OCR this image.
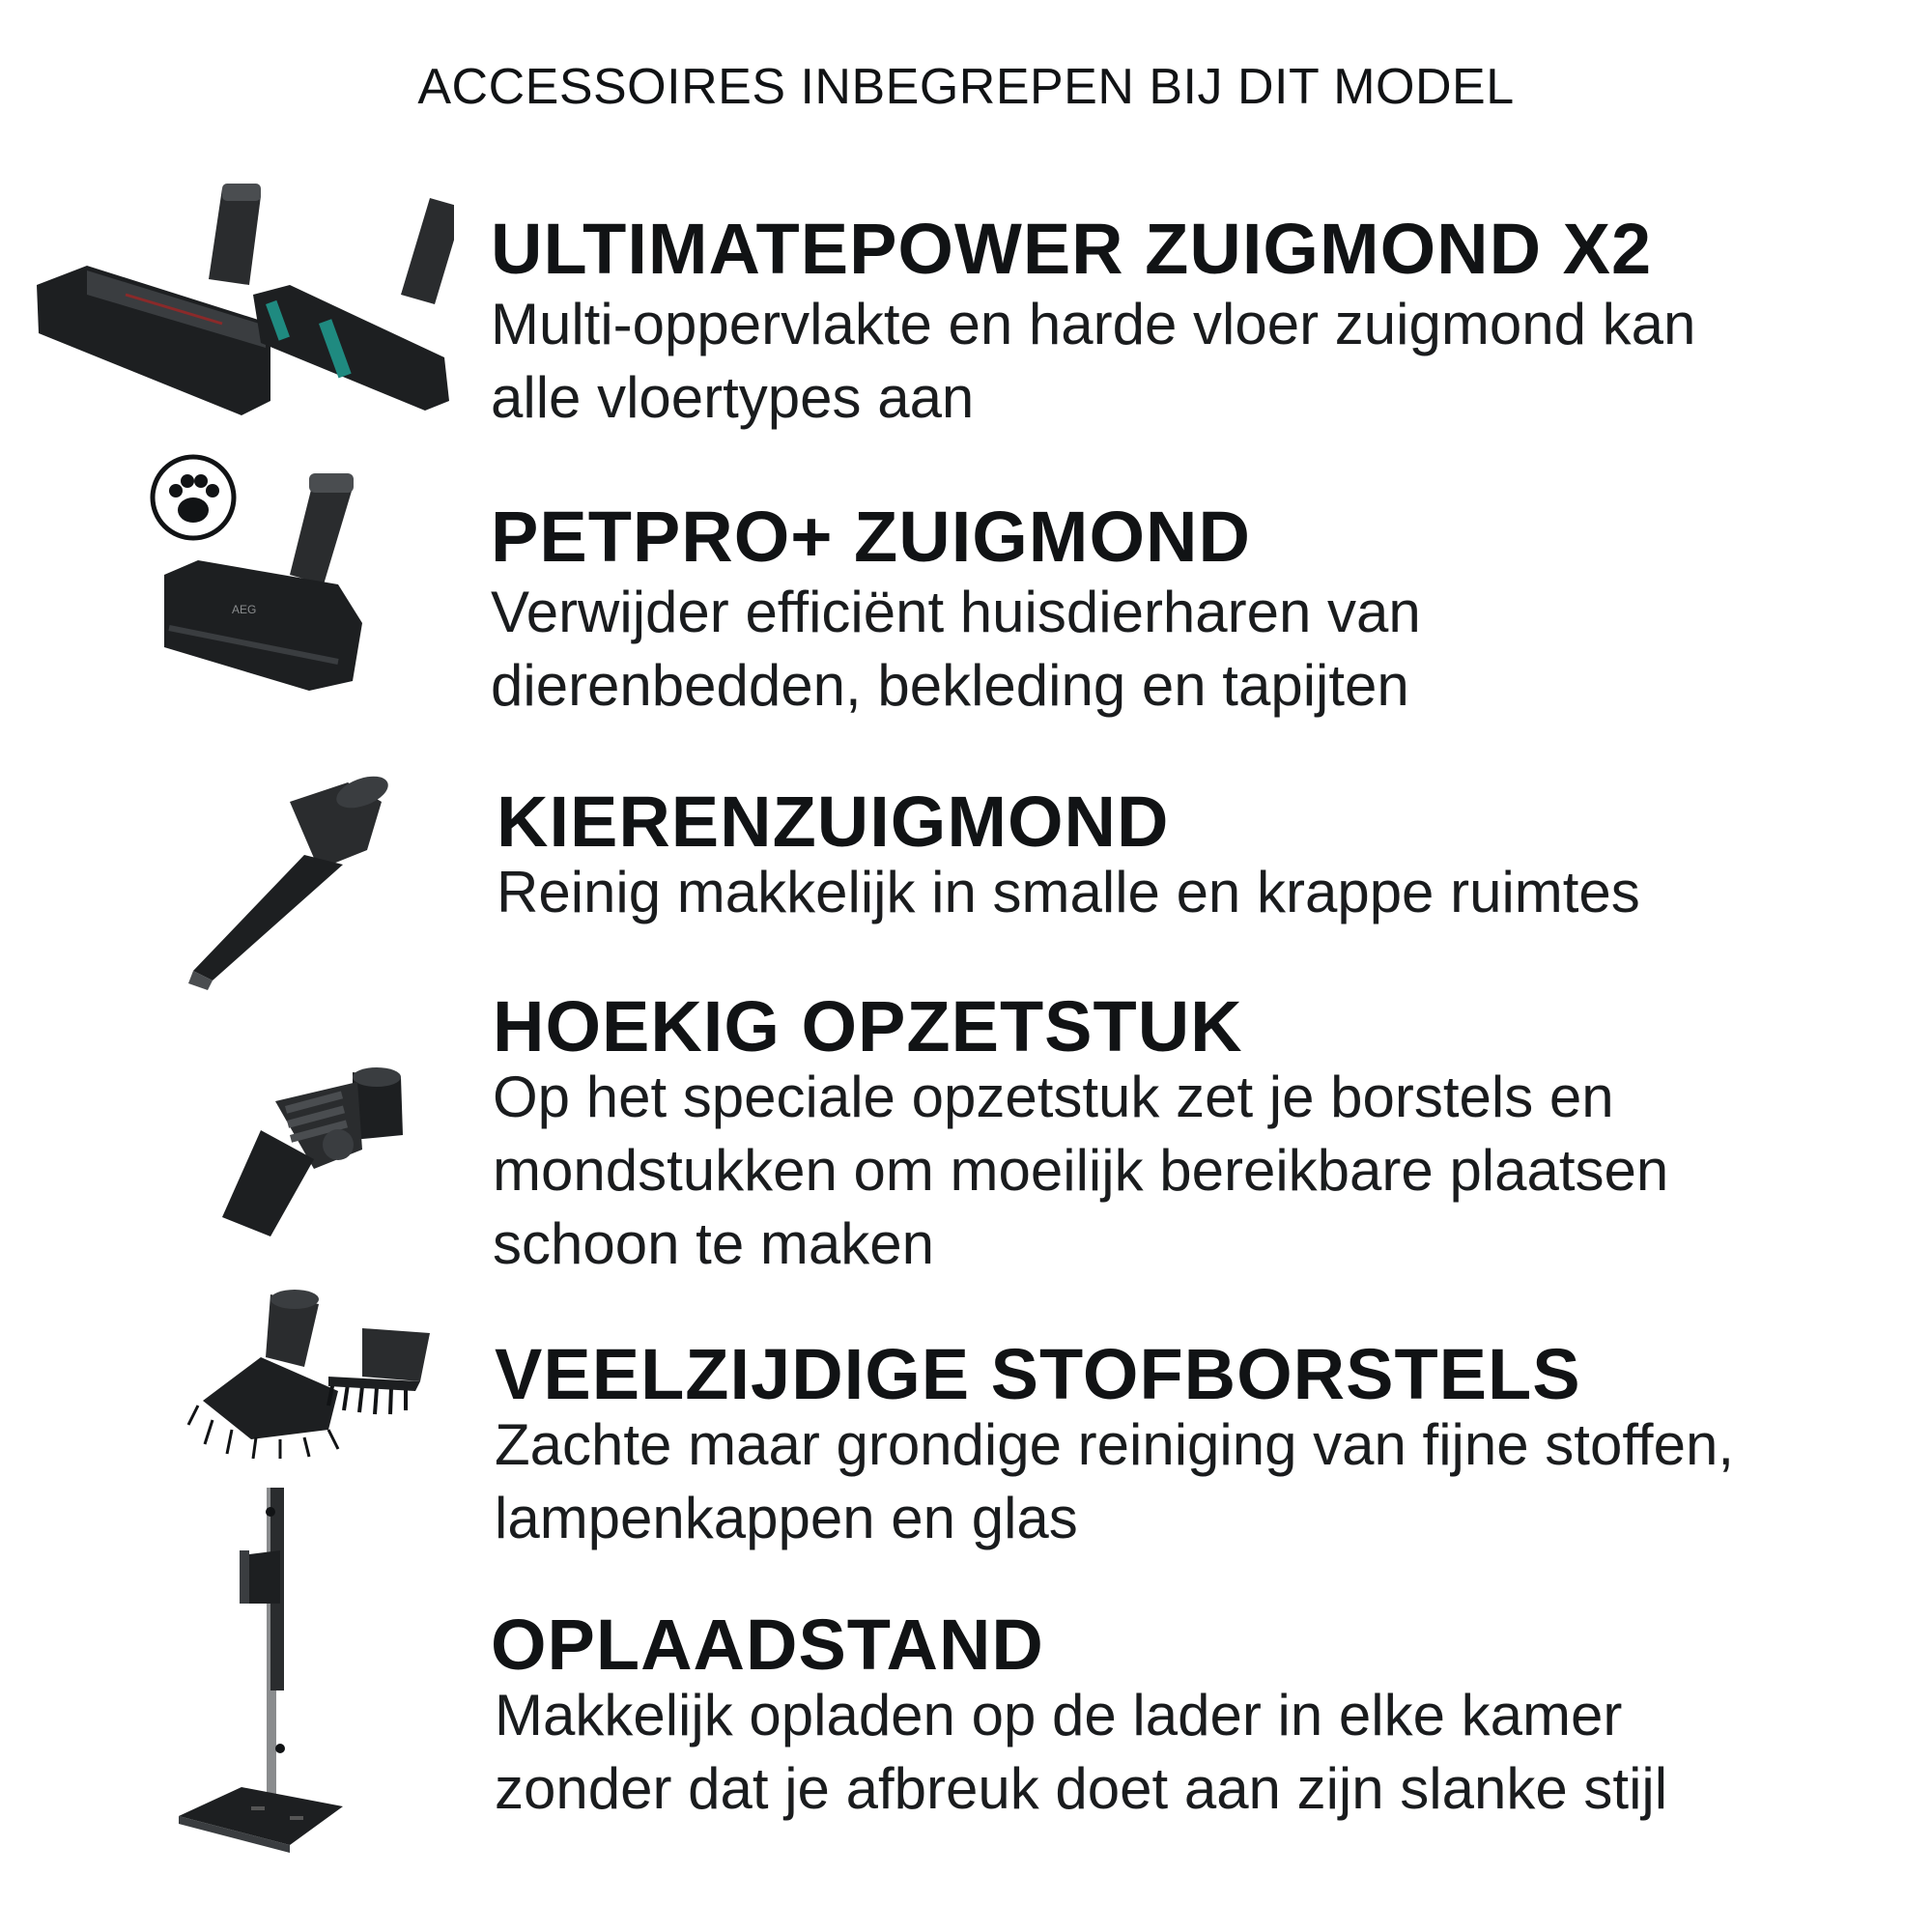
ACCESSOIRES INBEGREPEN BIJ DIT MODEL
ULTIMATEPOWER ZUIGMOND X2
Multi-oppervlakte en harde vloer zuigmond kan
alle vloertypes aan
AEG
PETPRO+ ZUIGMOND
Verwijder efficiënt huisdierharen van
dierenbedden, bekleding en tapijten
KIERENZUIGMOND
Reinig makkelijk in smalle en krappe ruimtes
HOEKIG OPZETSTUK
Op het speciale opzetstuk zet je borstels en
mondstukken om moeilijk bereikbare plaatsen
schoon te maken
VEELZIJDIGE STOFBORSTELS
Zachte maar grondige reiniging van fijne stoffen,
lampenkappen en glas
OPLAADSTAND
Makkelijk opladen op de lader in elke kamer
zonder dat je afbreuk doet aan zijn slanke stijl
